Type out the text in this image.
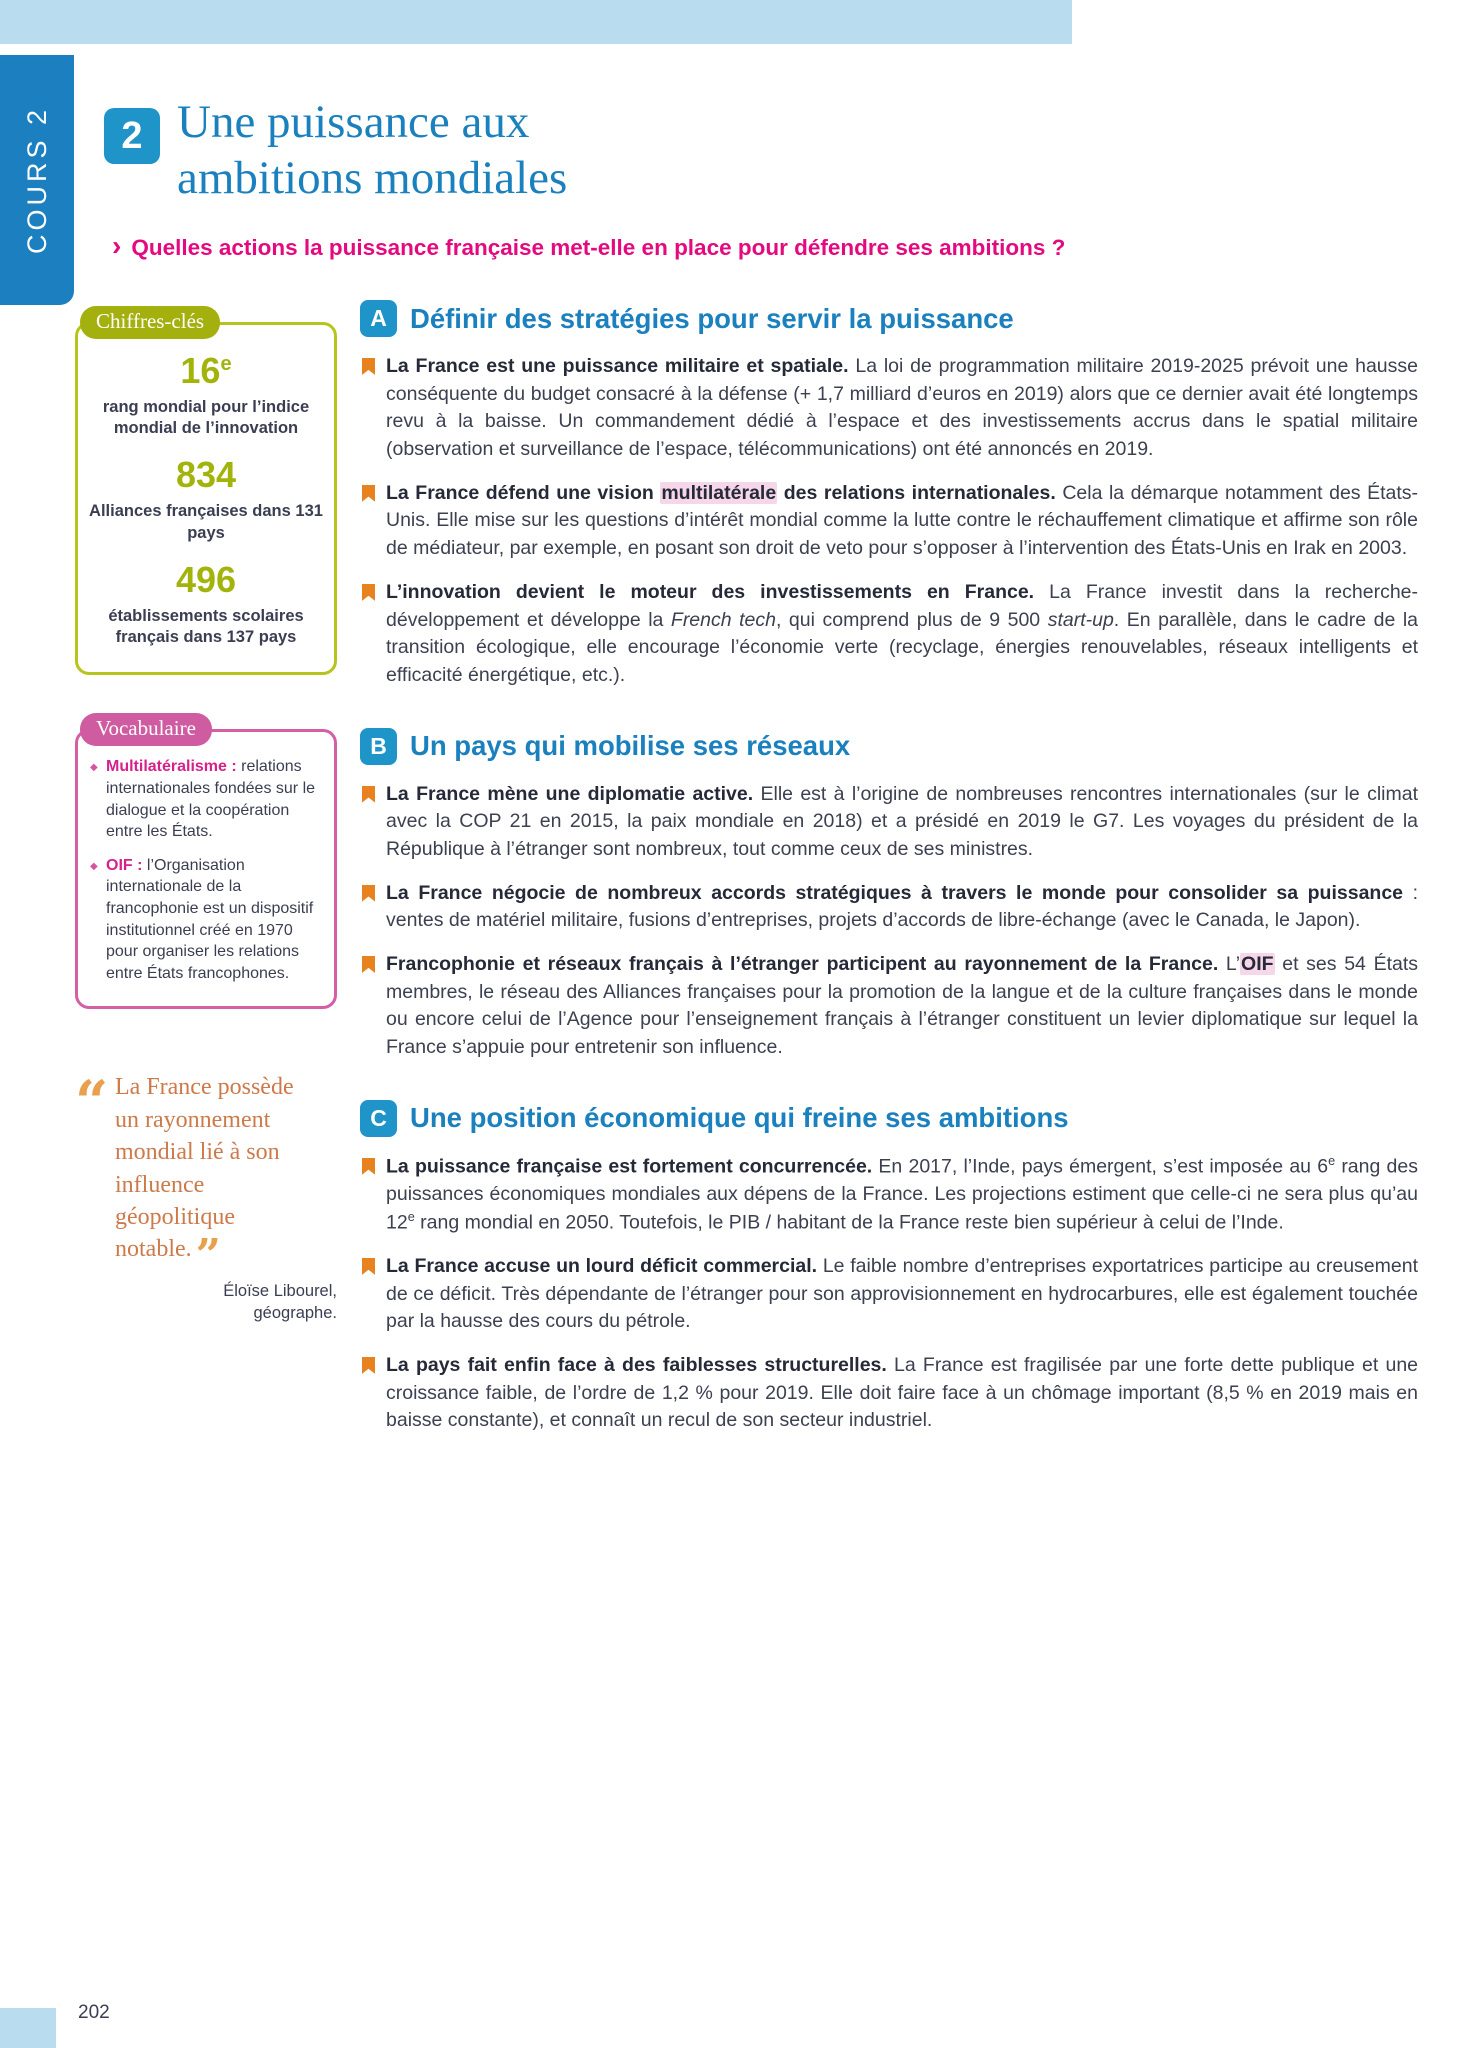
COURS 2	2 Une puissance aux
ambitions mondiales
› Quelles actions la puissance française met-elle en place pour défendre ses ambitions ?
Chiffres-clés
16e
rang mondial pour l’indice mondial de l’innovation
834
Alliances françaises dans 131 pays
496
établissements scolaires français dans 137 pays
Vocabulaire
◆ Multilatéralisme : relations internationales fondées sur le dialogue et la coopération entre les États.
◆ OIF : l’Organisation internationale de la francophonie est un dispositif institutionnel créé en 1970 pour organiser les relations entre États francophones.
“ La France possède un rayonnement mondial lié à son influence géopolitique notable.”
Éloïse Libourel,
géographe.
A Définir des stratégies pour servir la puissance
La France est une puissance militaire et spatiale. La loi de programmation militaire 2019-2025 prévoit une hausse conséquente du budget consacré à la défense (+ 1,7 milliard d’euros en 2019) alors que ce dernier avait été longtemps revu à la baisse. Un commandement dédié à l’espace et des investissements accrus dans le spatial militaire (observation et surveillance de l’espace, télécommunications) ont été annoncés en 2019.
La France défend une vision multilatérale des relations internationales. Cela la démarque notamment des États-Unis. Elle mise sur les questions d’intérêt mondial comme la lutte contre le réchauffement climatique et affirme son rôle de médiateur, par exemple, en posant son droit de veto pour s’opposer à l’intervention des États-Unis en Irak en 2003.
L’innovation devient le moteur des investissements en France. La France investit dans la recherche-développement et développe la French tech, qui comprend plus de 9 500 start-up. En parallèle, dans le cadre de la transition écologique, elle encourage l’économie verte (recyclage, énergies renouvelables, réseaux intelligents et efficacité énergétique, etc.).
B Un pays qui mobilise ses réseaux
La France mène une diplomatie active. Elle est à l’origine de nombreuses rencontres internationales (sur le climat avec la COP 21 en 2015, la paix mondiale en 2018) et a présidé en 2019 le G7. Les voyages du président de la République à l’étranger sont nombreux, tout comme ceux de ses ministres.
La France négocie de nombreux accords stratégiques à travers le monde pour consolider sa puissance : ventes de matériel militaire, fusions d’entreprises, projets d’accords de libre-échange (avec le Canada, le Japon).
Francophonie et réseaux français à l’étranger participent au rayonnement de la France. L’OIF et ses 54 États membres, le réseau des Alliances françaises pour la promotion de la langue et de la culture françaises dans le monde ou encore celui de l’Agence pour l’enseignement français à l’étranger constituent un levier diplomatique sur lequel la France s’appuie pour entretenir son influence.
C Une position économique qui freine ses ambitions
La puissance française est fortement concurrencée. En 2017, l’Inde, pays émergent, s’est imposée au 6e rang des puissances économiques mondiales aux dépens de la France. Les projections estiment que celle-ci ne sera plus qu’au 12e rang mondial en 2050. Toutefois, le PIB / habitant de la France reste bien supérieur à celui de l’Inde.
La France accuse un lourd déficit commercial. Le faible nombre d’entreprises exportatrices participe au creusement de ce déficit. Très dépendante de l’étranger pour son approvisionnement en hydrocarbures, elle est également touchée par la hausse des cours du pétrole.
La pays fait enfin face à des faiblesses structurelles. La France est fragilisée par une forte dette publique et une croissance faible, de l’ordre de 1,2 % pour 2019. Elle doit faire face à un chômage important (8,5 % en 2019 mais en baisse constante), et connaît un recul de son secteur industriel.
202
